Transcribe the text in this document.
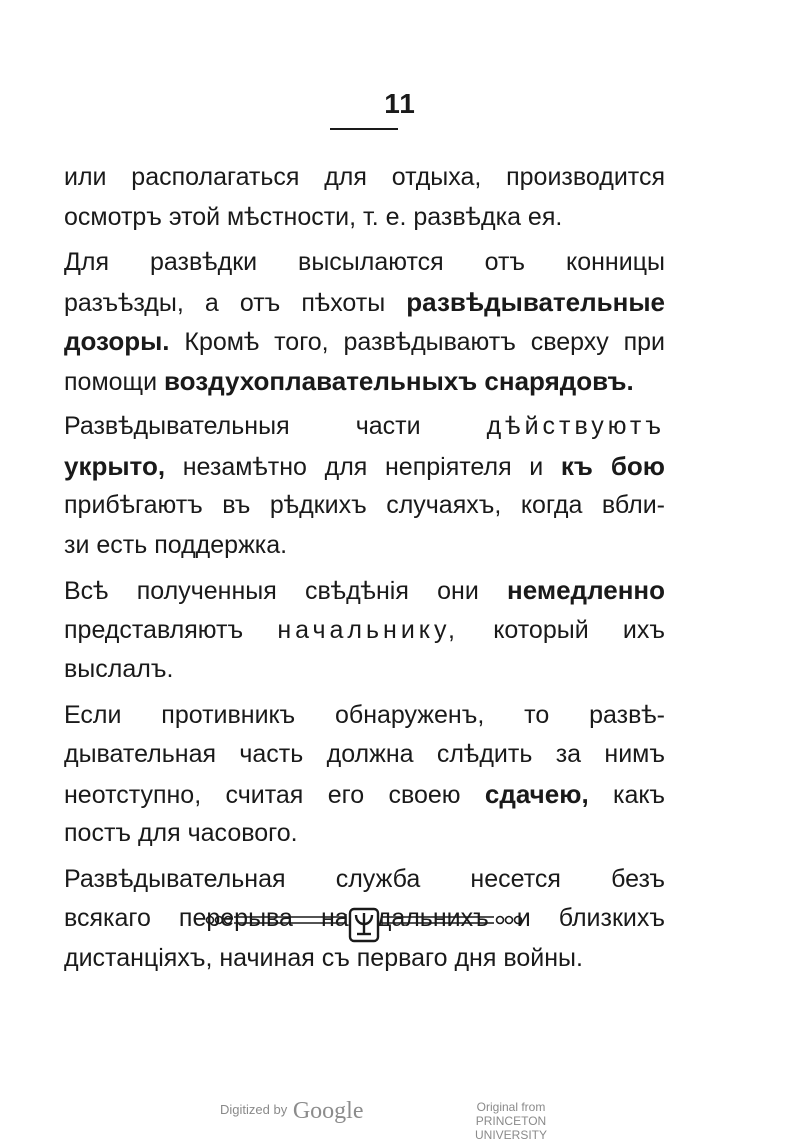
11
или располагаться для отдыха, производится
осмотръ этой мѣстности, т. е. развѣдка ея.
Для развѣдки высылаются отъ конницы
разъѣзды, а отъ пѣхоты развѣдывательные
дозоры. Кромѣ того, развѣдываютъ сверху при
помощи воздухоплавательныхъ снарядовъ.
Развѣдывательныя части дѣйствуютъ
укрыто, незамѣтно для непріятеля и къ бою
прибѣгаютъ въ рѣдкихъ случаяхъ, когда вбли-
зи есть поддержка.
Всѣ полученныя свѣдѣнія они немедленно
представляютъ начальнику, который ихъ
выслалъ.
Если противникъ обнаруженъ, то развѣ-
дывательная часть должна слѣдить за нимъ
неотступно, считая его своею сдачею, какъ
постъ для часового.
Развѣдывательная служба несется безъ
всякаго перерыва на дальнихъ и близкихъ
дистанціяхъ, начиная съ перваго дня войны.
Digitized by Google	Original from
PRINCETON UNIVERSITY
